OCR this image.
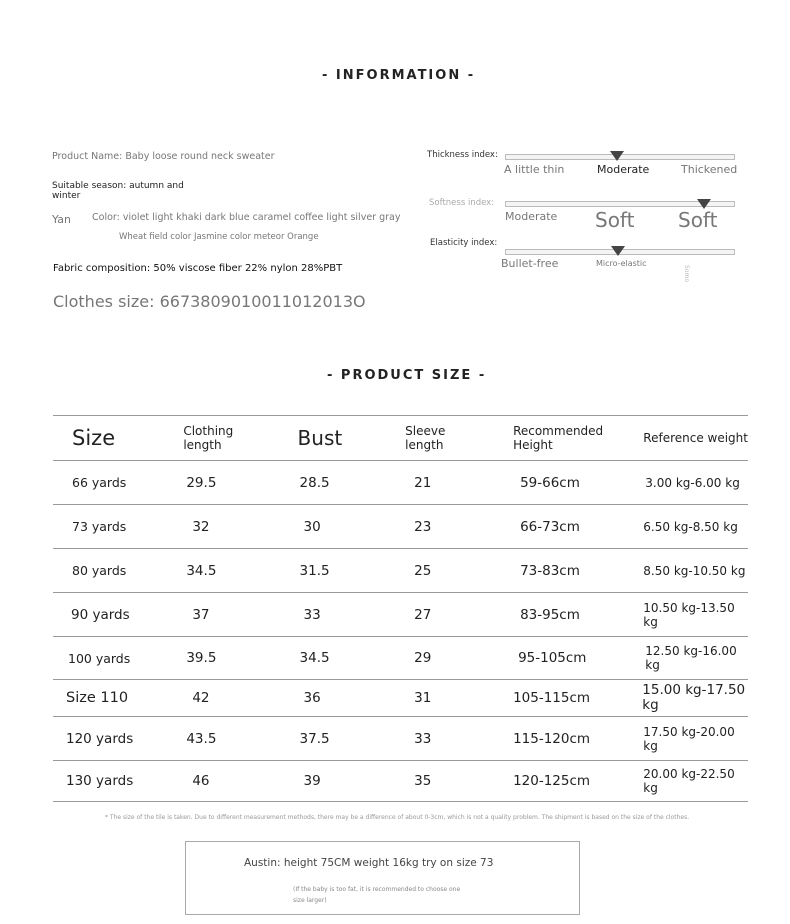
- INFORMATION -
Product Name: Baby loose round neck sweater
Suitable season: autumn and
winter
Yan Color: violet light khaki dark blue caramel coffee light silver gray
Wheat field color Jasmine color meteor Orange
Fabric composition: 50% viscose fiber 22% nylon 28%PBT
Clothes size: 6673809010011012013O
Thickness index:
A little thin	Moderate	Thickened
Softness index:
Moderate Soft Soft
Elasticity index:
Bullet-free	Micro-elastic
Somo
- PRODUCT SIZE -
Size	Clothing length	Bust	Sleeve length	Recommended Height	Reference weight
66 yards	29.5	28.5	21	59-66cm	3.00 kg-6.00 kg
73 yards	32	30	23	66-73cm	6.50 kg-8.50 kg
80 yards	34.5	31.5	25	73-83cm	8.50 kg-10.50 kg
90 yards	37	33	27	83-95cm	10.50 kg-13.50 kg
100 yards	39.5	34.5	29	95-105cm	12.50 kg-16.00 kg
Size 110	42	36	31	105-115cm	15.00 kg-17.50 kg
120 yards	43.5	37.5	33	115-120cm	17.50 kg-20.00 kg
130 yards	46	39	35	120-125cm	20.00 kg-22.50 kg
* The size of the tile is taken. Due to different measurement methods, there may be a difference of about 0-3cm, which is not a quality problem. The shipment is based on the size of the clothes.
Austin: height 75CM weight 16kg try on size 73
(If the baby is too fat, it is recommended to choose one
size larger)
